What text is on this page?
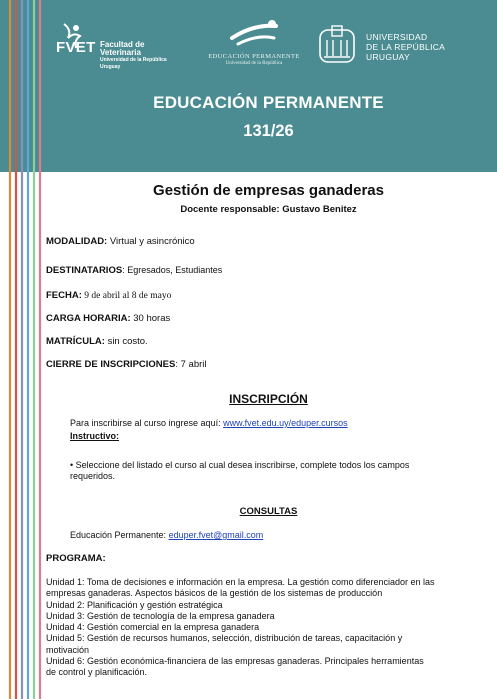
FVET Facultad de Veterinaria
Universidad de la República
Uruguay
EDUCACIÓN PERMANENTE
Universidad de la República
UNIVERSIDAD
DE LA REPÚBLICA
URUGUAY
EDUCACIÓN PERMANENTE
131/26
Gestión de empresas ganaderas
Docente responsable: Gustavo Benitez
MODALIDAD: Virtual y asincrónico
DESTINATARIOS: Egresados, Estudiantes
FECHA: 9 de abril al 8 de mayo
CARGA HORARIA: 30 horas
MATRÍCULA: sin costo.
CIERRE DE INSCRIPCIONES: 7 abril
INSCRIPCIÓN
Para inscribirse al curso ingrese aquí: www.fvet.edu.uy/eduper.cursos
Instructivo:
• Seleccione del listado el curso al cual desea inscribirse, complete todos los campos requeridos.
CONSULTAS
Educación Permanente: eduper.fvet@gmail.com
PROGRAMA:
Unidad 1: Toma de decisiones e información en la empresa. La gestión como diferenciador en las empresas ganaderas. Aspectos básicos de la gestión de los sistemas de producción
Unidad 2: Planificación y gestión estratégica
Unidad 3: Gestión de tecnología de la empresa ganadera
Unidad 4: Gestión comercial en la empresa ganadera
Unidad 5: Gestión de recursos humanos, selección, distribución de tareas, capacitación y motivación
Unidad 6: Gestión económica-financiera de las empresas ganaderas. Principales herramientas de control y planificación.
